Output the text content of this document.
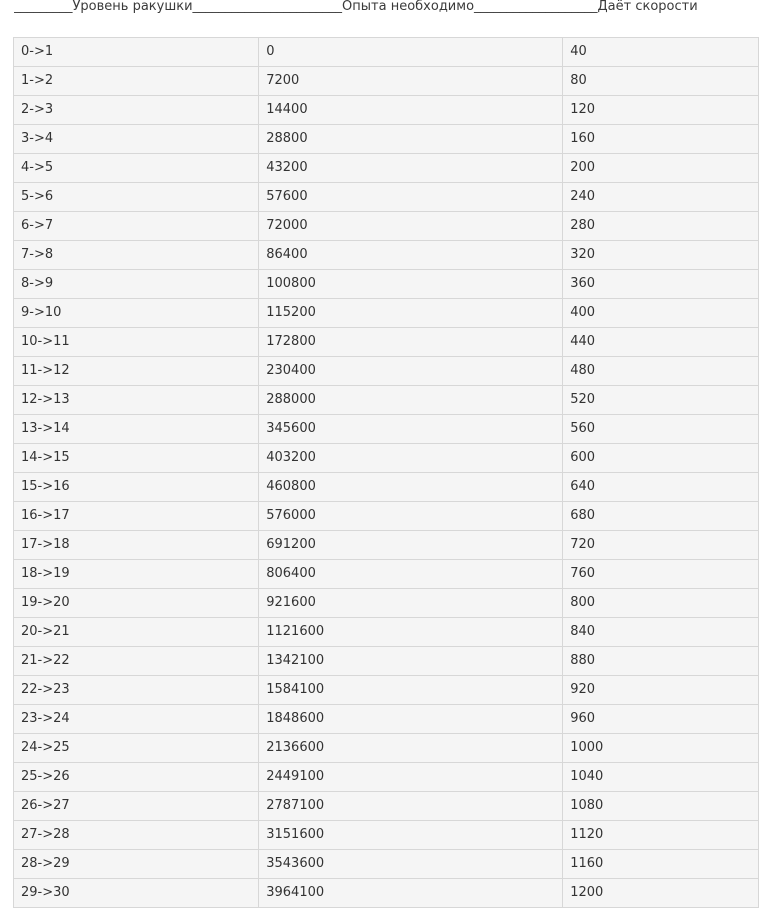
_________Уровень ракушки_______________________Опыта необходимо___________________Даёт скорости
0->1	0	40
1->2	7200	80
2->3	14400	120
3->4	28800	160
4->5	43200	200
5->6	57600	240
6->7	72000	280
7->8	86400	320
8->9	100800	360
9->10	115200	400
10->11	172800	440
11->12	230400	480
12->13	288000	520
13->14	345600	560
14->15	403200	600
15->16	460800	640
16->17	576000	680
17->18	691200	720
18->19	806400	760
19->20	921600	800
20->21	1121600	840
21->22	1342100	880
22->23	1584100	920
23->24	1848600	960
24->25	2136600	1000
25->26	2449100	1040
26->27	2787100	1080
27->28	3151600	1120
28->29	3543600	1160
29->30	3964100	1200
